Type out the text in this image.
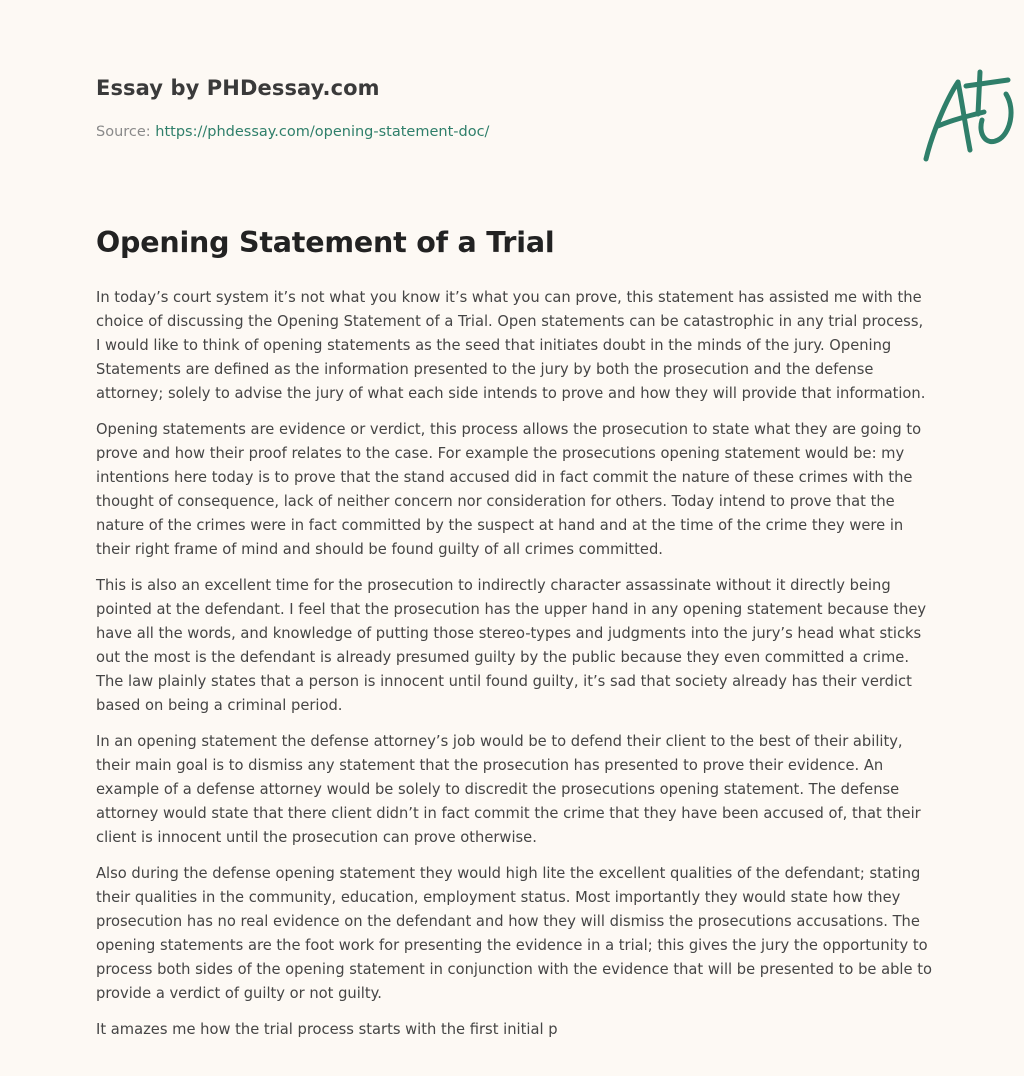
Essay by PHDessay.com
Source: https://phdessay.com/opening-statement-doc/
Opening Statement of a Trial

In today’s court system it’s not what you know it’s what you can prove, this statement has assisted me with the choice of discussing the Opening Statement of a Trial. Open statements can be catastrophic in any trial process, I would like to think of opening statements as the seed that initiates doubt in the minds of the jury. Opening Statements are defined as the information presented to the jury by both the prosecution and the defense attorney; solely to advise the jury of what each side intends to prove and how they will provide that information.

Opening statements are evidence or verdict, this process allows the prosecution to state what they are going to prove and how their proof relates to the case. For example the prosecutions opening statement would be: my intentions here today is to prove that the stand accused did in fact commit the nature of these crimes with the thought of consequence, lack of neither concern nor consideration for others. Today intend to prove that the nature of the crimes were in fact committed by the suspect at hand and at the time of the crime they were in their right frame of mind and should be found guilty of all crimes committed.

This is also an excellent time for the prosecution to indirectly character assassinate without it directly being pointed at the defendant. I feel that the prosecution has the upper hand in any opening statement because they have all the words, and knowledge of putting those stereo-types and judgments into the jury’s head what sticks out the most is the defendant is already presumed guilty by the public because they even committed a crime. The law plainly states that a person is innocent until found guilty, it’s sad that society already has their verdict based on being a criminal period.

In an opening statement the defense attorney’s job would be to defend their client to the best of their ability, their main goal is to dismiss any statement that the prosecution has presented to prove their evidence. An example of a defense attorney would be solely to discredit the prosecutions opening statement. The defense attorney would state that there client didn’t in fact commit the crime that they have been accused of, that their client is innocent until the prosecution can prove otherwise.

Also during the defense opening statement they would high lite the excellent qualities of the defendant; stating their qualities in the community, education, employment status. Most importantly they would state how they prosecution has no real evidence on the defendant and how they will dismiss the prosecutions accusations. The opening statements are the foot work for presenting the evidence in a trial; this gives the jury the opportunity to process both sides of the opening statement in conjunction with the evidence that will be presented to be able to provide a verdict of guilty or not guilty.

It amazes me how the trial process starts with the first initial p
